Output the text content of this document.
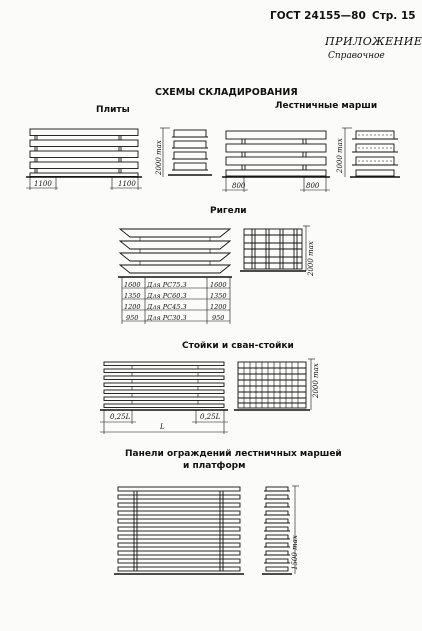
ГОСТ 24155—80 Стр. 15

ПРИЛОЖЕНИЕ

Справочное

СХЕМЫ СКЛАДИРОВАНИЯ

Плиты	Лестничные марши

Ригели

Стойки и сван-стойки

Панели ограждений лестничных маршей

и платформ

1100	1100

2000 max

800	800

2000 max

1600 Для РС75.3	1600

1350 Для РС60.3	1350

1200 Для РС45.3	1200

950 Для РС30.3	950

2000 max

0,25L	0,25L

L

2000 max

1500 max
